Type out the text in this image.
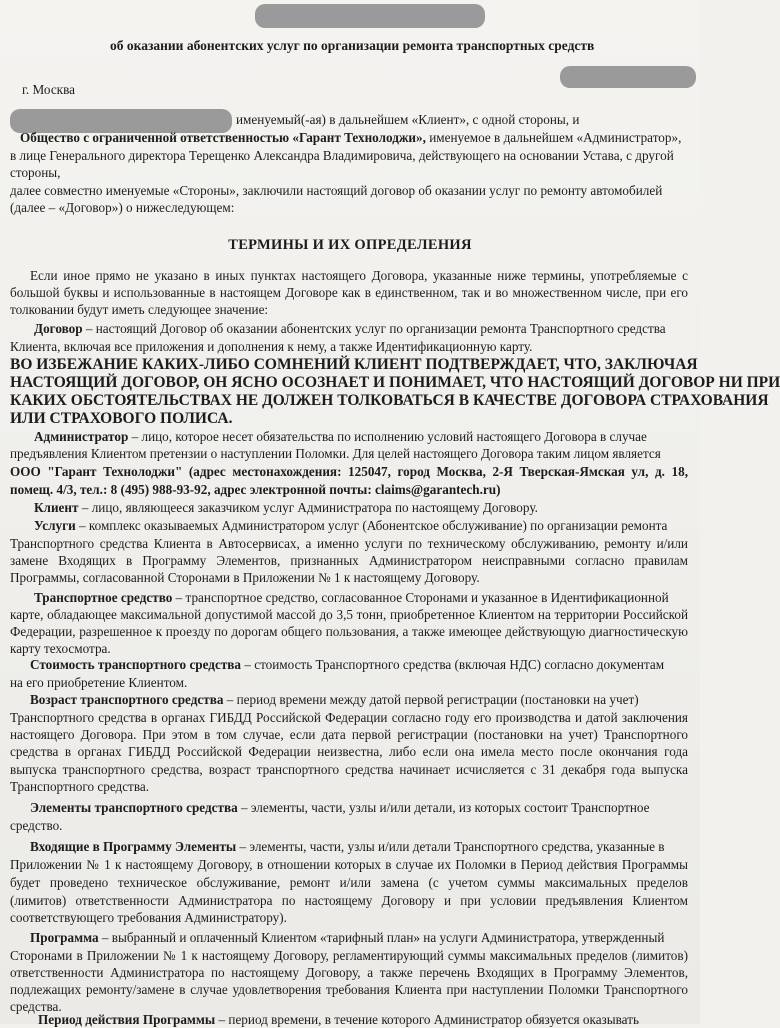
об оказании абонентских услуг по организации ремонта транспортных средств
г. Москва
именуемый(-ая) в дальнейшем «Клиент», с одной стороны, и
Общество с ограниченной ответственностью «Гарант Технолоджи», именуемое в дальнейшем «Администратор»,
в лице Генерального директора Терещенко Александра Владимировича, действующего на основании Устава, с другой
стороны,
далее совместно именуемые «Стороны», заключили настоящий договор об оказании услуг по ремонту автомобилей
(далее – «Договор») о нижеследующем:
ТЕРМИНЫ И ИХ ОПРЕДЕЛЕНИЯ
Если иное прямо не указано в иных пунктах настоящего Договора, указанные ниже термины, употребляемые с
большой буквы и использованные в настоящем Договоре как в единственном, так и во множественном числе, при его
толковании будут иметь следующее значение:
Договор – настоящий Договор об оказании абонентских услуг по организации ремонта Транспортного средства
Клиента, включая все приложения и дополнения к нему, а также Идентификационную карту.
ВО ИЗБЕЖАНИЕ КАКИХ-ЛИБО СОМНЕНИЙ КЛИЕНТ ПОДТВЕРЖДАЕТ, ЧТО, ЗАКЛЮЧАЯ
НАСТОЯЩИЙ ДОГОВОР, ОН ЯСНО ОСОЗНАЕТ И ПОНИМАЕТ, ЧТО НАСТОЯЩИЙ ДОГОВОР НИ ПРИ
КАКИХ ОБСТОЯТЕЛЬСТВАХ НЕ ДОЛЖЕН ТОЛКОВАТЬСЯ В КАЧЕСТВЕ ДОГОВОРА СТРАХОВАНИЯ
ИЛИ СТРАХОВОГО ПОЛИСА.
Администратор – лицо, которое несет обязательства по исполнению условий настоящего Договора в случае
предъявления Клиентом претензии о наступлении Поломки. Для целей настоящего Договора таким лицом является
ООО "Гарант Технолоджи" (адрес местонахождения: 125047, город Москва, 2-Я Тверская-Ямская ул, д. 18,
помещ. 4/3, тел.: 8 (495) 988-93-92, адрес электронной почты: claims@garantech.ru)
Клиент – лицо, являющееся заказчиком услуг Администратора по настоящему Договору.
Услуги – комплекс оказываемых Администратором услуг (Абонентское обслуживание) по организации ремонта
Транспортного средства Клиента в Автосервисах, а именно услуги по техническому обслуживанию, ремонту и/или
замене Входящих в Программу Элементов, признанных Администратором неисправными согласно правилам
Программы, согласованной Сторонами в Приложении № 1 к настоящему Договору.
Транспортное средство – транспортное средство, согласованное Сторонами и указанное в Идентификационной
карте, обладающее максимальной допустимой массой до 3,5 тонн, приобретенное Клиентом на территории Российской
Федерации, разрешенное к проезду по дорогам общего пользования, а также имеющее действующую диагностическую
карту техосмотра.
Стоимость транспортного средства – стоимость Транспортного средства (включая НДС) согласно документам
на его приобретение Клиентом.
Возраст транспортного средства – период времени между датой первой регистрации (постановки на учет)
Транспортного средства в органах ГИБДД Российской Федерации согласно году его производства и датой заключения
настоящего Договора. При этом в том случае, если дата первой регистрации (постановки на учет) Транспортного
средства в органах ГИБДД Российской Федерации неизвестна, либо если она имела место после окончания года
выпуска транспортного средства, возраст транспортного средства начинает исчисляется с 31 декабря года выпуска
Транспортного средства.
Элементы транспортного средства – элементы, части, узлы и/или детали, из которых состоит Транспортное
средство.
Входящие в Программу Элементы – элементы, части, узлы и/или детали Транспортного средства, указанные в
Приложении № 1 к настоящему Договору, в отношении которых в случае их Поломки в Период действия Программы
будет проведено техническое обслуживание, ремонт и/или замена (с учетом суммы максимальных пределов
(лимитов) ответственности Администратора по настоящему Договору и при условии предъявления Клиентом
соответствующего требования Администратору).
Программа – выбранный и оплаченный Клиентом «тарифный план» на услуги Администратора, утвержденный
Сторонами в Приложении № 1 к настоящему Договору, регламентирующий суммы максимальных пределов (лимитов)
ответственности Администратора по настоящему Договору, а также перечень Входящих в Программу Элементов,
подлежащих ремонту/замене в случае удовлетворения требования Клиента при наступлении Поломки Транспортного
средства.
Период действия Программы – период времени, в течение которого Администратор обязуется оказывать
